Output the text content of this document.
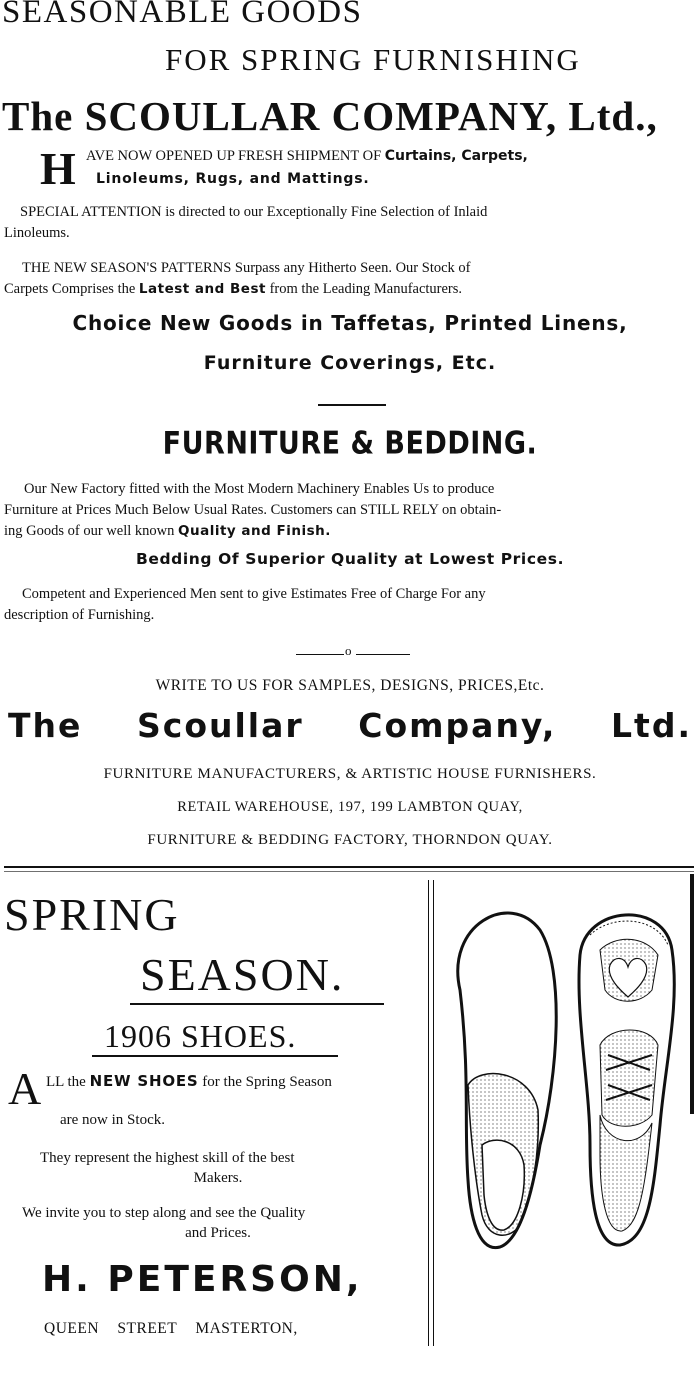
SEASONABLE GOODS
FOR SPRING FURNISHING
The SCOULLAR COMPANY, Ltd.,
H AVE NOW OPENED UP FRESH SHIPMENT OF Curtains, Carpets,
Linoleums, Rugs, and Mattings.
SPECIAL ATTENTION is directed to our Exceptionally Fine Selection of Inlaid
Linoleums.
THE NEW SEASON'S PATTERNS Surpass any Hitherto Seen. Our Stock of
Carpets Comprises the Latest and Best from the Leading Manufacturers.
Choice New Goods in Taffetas, Printed Linens,
Furniture Coverings, Etc.
FURNITURE & BEDDING.
Our New Factory fitted with the Most Modern Machinery Enables Us to produce
Furniture at Prices Much Below Usual Rates. Customers can STILL RELY on obtain-
ing Goods of our well known Quality and Finish.
Bedding Of Superior Quality at Lowest Prices.
Competent and Experienced Men sent to give Estimates Free of Charge For any
description of Furnishing.
o
WRITE TO US FOR SAMPLES, DESIGNS, PRICES,Etc.
The Scoullar Company, Ltd.
FURNITURE MANUFACTURERS, & ARTISTIC HOUSE FURNISHERS.
RETAIL WAREHOUSE, 197, 199 LAMBTON QUAY,
FURNITURE & BEDDING FACTORY, THORNDON QUAY.
SPRING
SEASON.
1906 SHOES.
A LL the NEW SHOES for the Spring Season
are now in Stock.
They represent the highest skill of the best
Makers.
We invite you to step along and see the Quality
and Prices.
H. PETERSON,
QUEEN STREET MASTERTON,
